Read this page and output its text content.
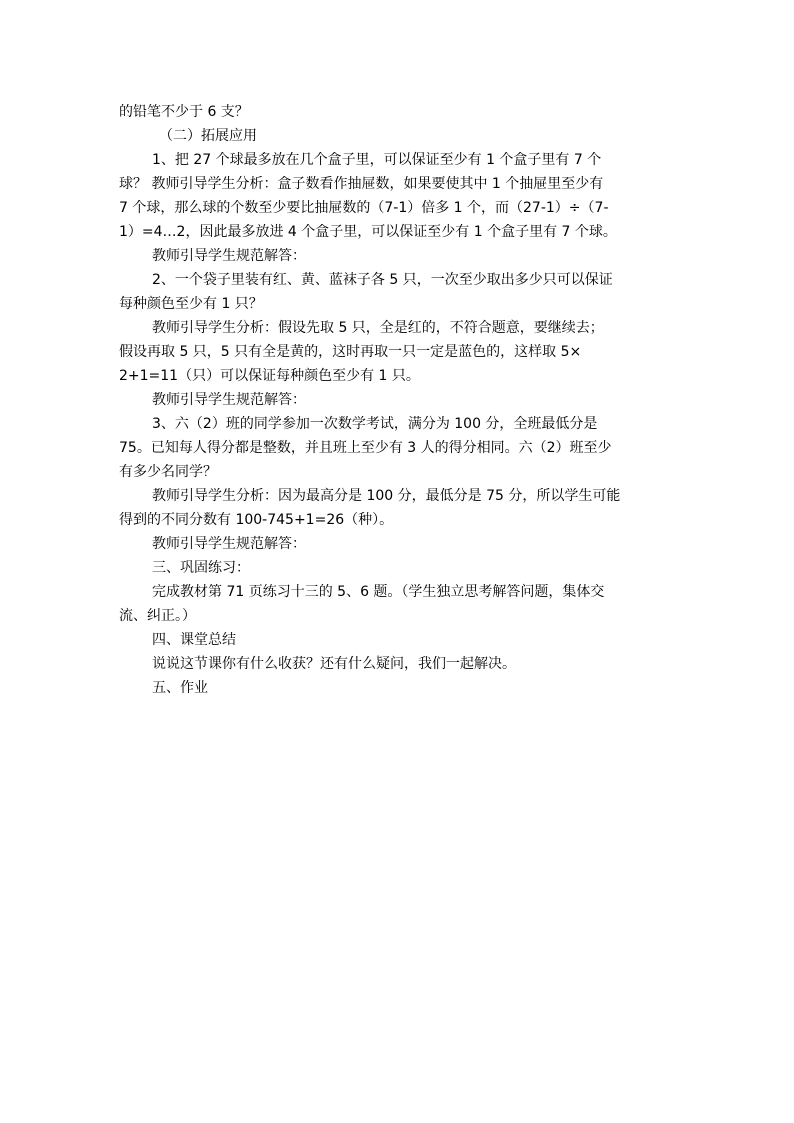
的铅笔不少于 6 支？
（二）拓展应用
1、把 27 个球最多放在几个盒子里，可以保证至少有 1 个盒子里有 7 个
球？ 教师引导学生分析：盒子数看作抽屉数，如果要使其中 1 个抽屉里至少有
7 个球，那么球的个数至少要比抽屉数的（7-1）倍多 1 个，而（27-1）÷（7-
1）=4…2，因此最多放进 4 个盒子里，可以保证至少有 1 个盒子里有 7 个球。
教师引导学生规范解答：
2、一个袋子里装有红、黄、蓝袜子各 5 只，一次至少取出多少只可以保证
每种颜色至少有 1 只？
教师引导学生分析：假设先取 5 只，全是红的，不符合题意，要继续去；
假设再取 5 只，5 只有全是黄的，这时再取一只一定是蓝色的，这样取 5×
2+1=11（只）可以保证每种颜色至少有 1 只。
教师引导学生规范解答：
3、六（2）班的同学参加一次数学考试，满分为 100 分，全班最低分是
75。已知每人得分都是整数，并且班上至少有 3 人的得分相同。六（2）班至少
有多少名同学？
教师引导学生分析：因为最高分是 100 分，最低分是 75 分，所以学生可能
得到的不同分数有 100-745+1=26（种）。
教师引导学生规范解答：
三、巩固练习：
完成教材第 71 页练习十三的 5、6 题。（学生独立思考解答问题，集体交
流、纠正。）
四、课堂总结
说说这节课你有什么收获？还有什么疑问，我们一起解决。
五、作业
